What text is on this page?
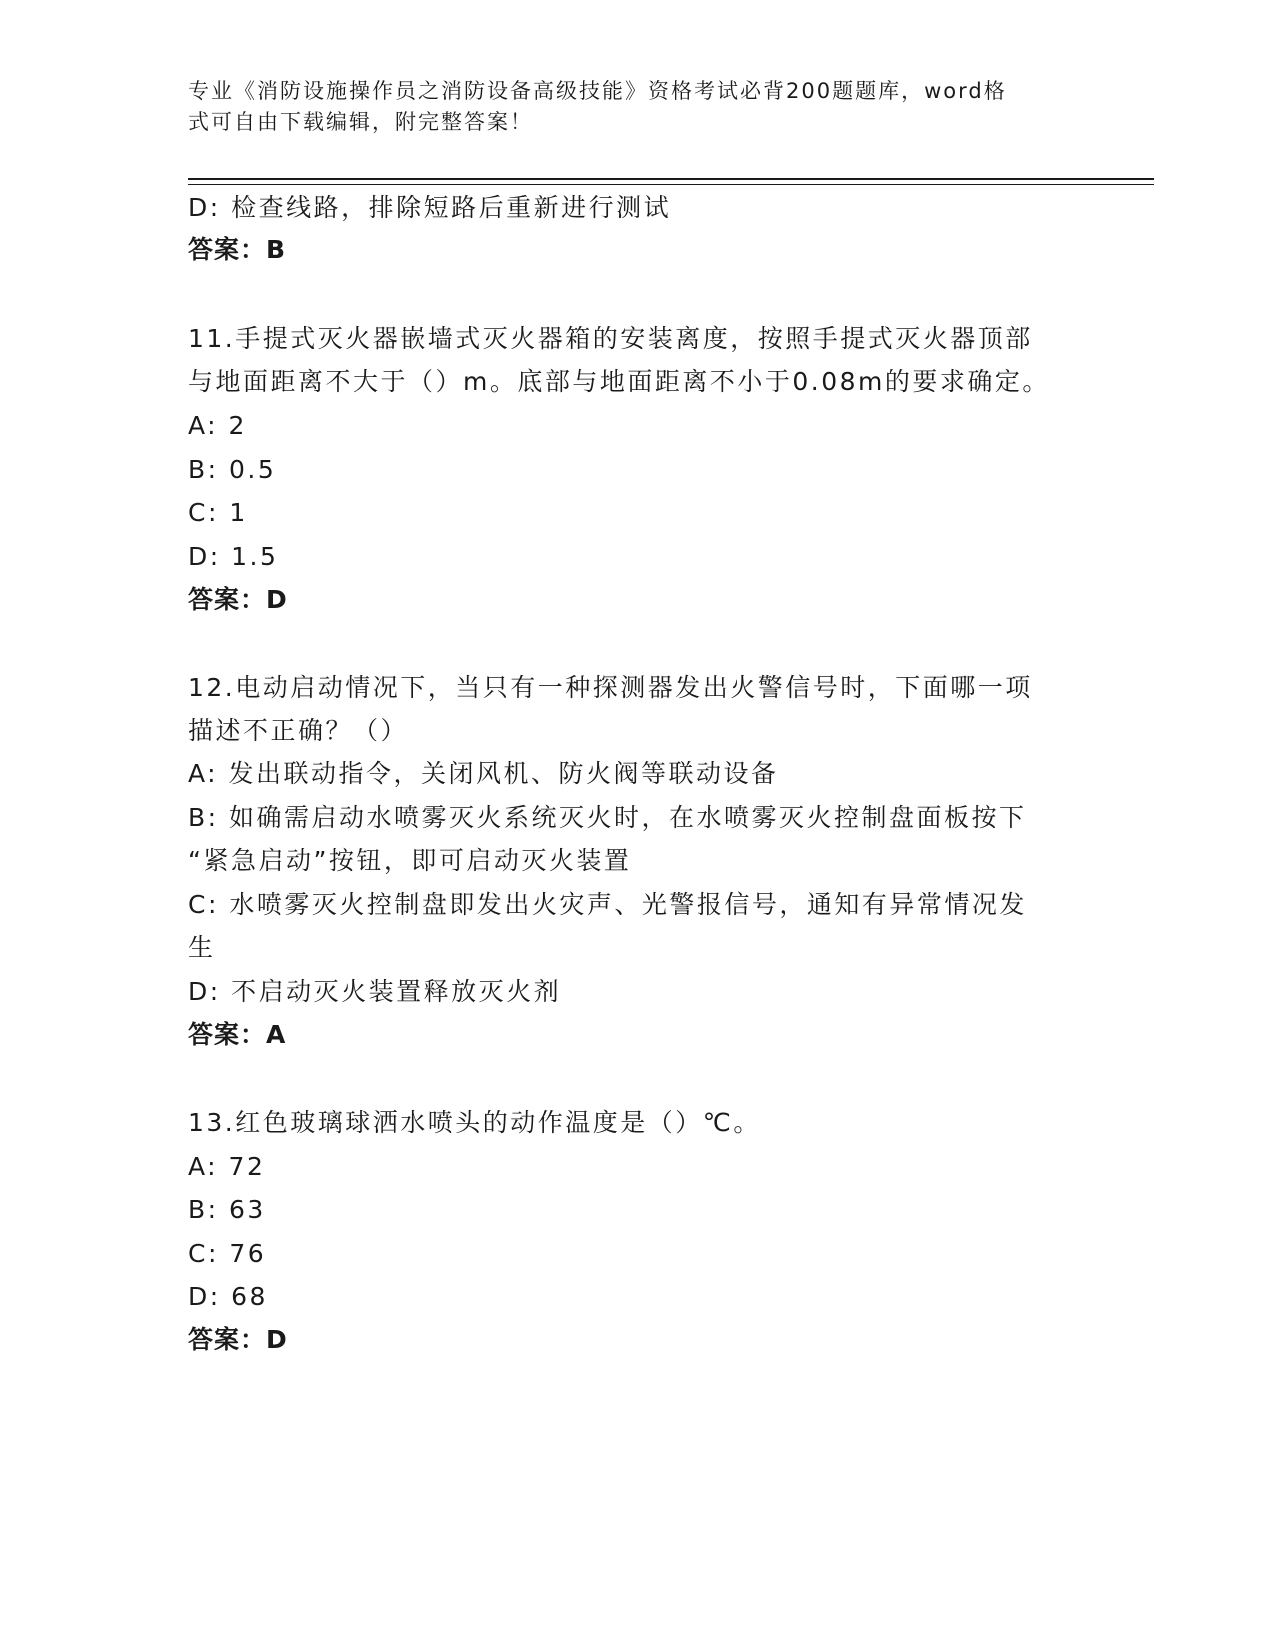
专业《消防设施操作员之消防设备高级技能》资格考试必背200题题库，word格
式可自由下载编辑，附完整答案！
D: 检查线路，排除短路后重新进行测试
答案：B
11.手提式灭火器嵌墙式灭火器箱的安装离度，按照手提式灭火器顶部
与地面距离不大于（）m。底部与地面距离不小于0.08m的要求确定。
A: 2
B: 0.5
C: 1
D: 1.5
答案：D
12.电动启动情况下，当只有一种探测器发出火警信号时，下面哪一项
描述不正确？（）
A: 发出联动指令，关闭风机、防火阀等联动设备
B: 如确需启动水喷雾灭火系统灭火时，在水喷雾灭火控制盘面板按下
“紧急启动”按钮，即可启动灭火装置
C: 水喷雾灭火控制盘即发出火灾声、光警报信号，通知有异常情况发
生
D: 不启动灭火装置释放灭火剂
答案：A
13.红色玻璃球洒水喷头的动作温度是（）℃。
A: 72
B: 63
C: 76
D: 68
答案：D
